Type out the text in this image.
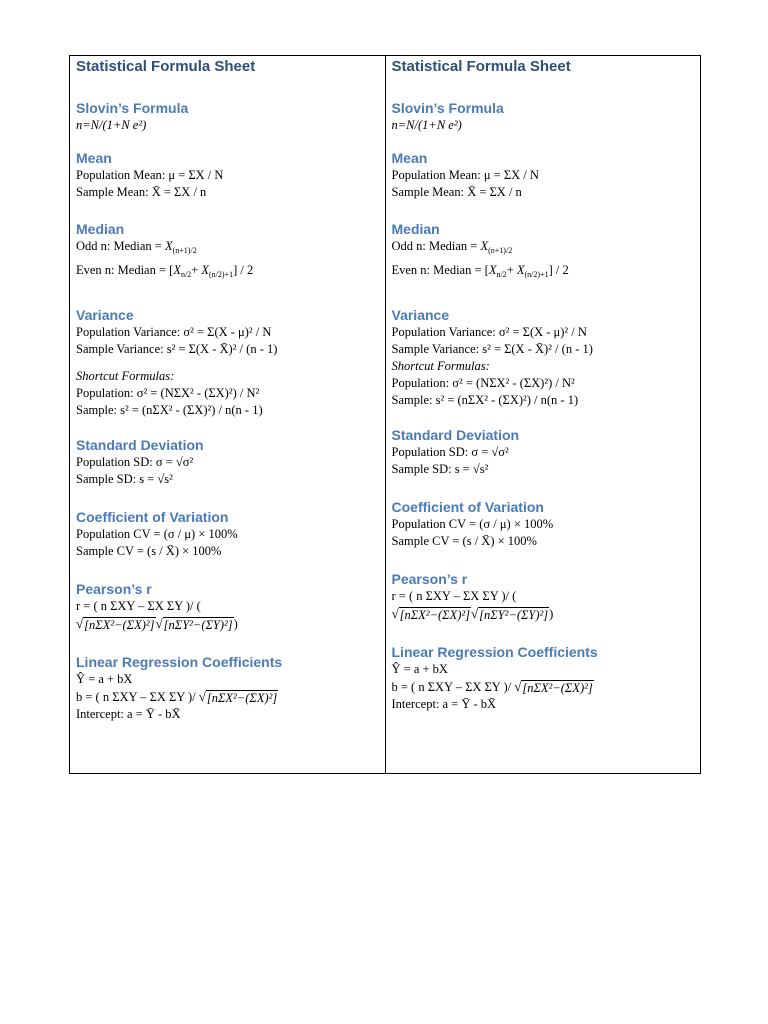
Statistical Formula Sheet

Slovin’s Formula

n=N/(1+N e²)

Mean

Population Mean: μ = ΣX / N

Sample Mean: X̄ = ΣX / n

Median

Odd n: Median = $X_{(n+1)/2}$

Even n: Median = $[X_{n/2}+ X_{(n/2)+1}] / 2$

Variance

Population Variance: σ² = Σ(X - μ)² / N

Sample Variance: s² = Σ(X - X̄)² / (n - 1)

Shortcut Formulas:

Population: σ² = (NΣX² - (ΣX)²) / N²

Sample: s² = (nΣX² - (ΣX)²) / n(n - 1)

Standard Deviation

Population SD: σ = √σ²

Sample SD: s = √s²

Coefficient of Variation

Population CV = (σ / μ) × 100%

Sample CV = (s / X̄) × 100%

Pearson’s r

r = ( n ΣXY – ΣX ΣY )/ (

√ [nΣX²−(ΣX)²] √ [nΣY²−(ΣY)²] )

Linear Regression Coefficients

Ŷ = a + bX

b = ( n ΣXY – ΣX ΣY )/ √ [nΣX²−(ΣX)²]

Intercept: a = Ȳ - bX̄

Statistical Formula Sheet

Slovin’s Formula

n=N/(1+N e²)

Mean

Population Mean: μ = ΣX / N

Sample Mean: X̄ = ΣX / n

Median

Odd n: Median = $X_{(n+1)/2}$

Even n: Median = $[X_{n/2}+ X_{(n/2)+1}] / 2$

Variance

Population Variance: σ² = Σ(X - μ)² / N

Sample Variance: s² = Σ(X - X̄)² / (n - 1)

Shortcut Formulas:

Population: σ² = (NΣX² - (ΣX)²) / N²

Sample: s² = (nΣX² - (ΣX)²) / n(n - 1)

Standard Deviation

Population SD: σ = √σ²

Sample SD: s = √s²

Coefficient of Variation

Population CV = (σ / μ) × 100%

Sample CV = (s / X̄) × 100%

Pearson’s r

r = ( n ΣXY – ΣX ΣY )/ (

√ [nΣX²−(ΣX)²] √ [nΣY²−(ΣY)²] )

Linear Regression Coefficients

Ŷ = a + bX

b = ( n ΣXY – ΣX ΣY )/ √ [nΣX²−(ΣX)²]

Intercept: a = Ȳ - bX̄
